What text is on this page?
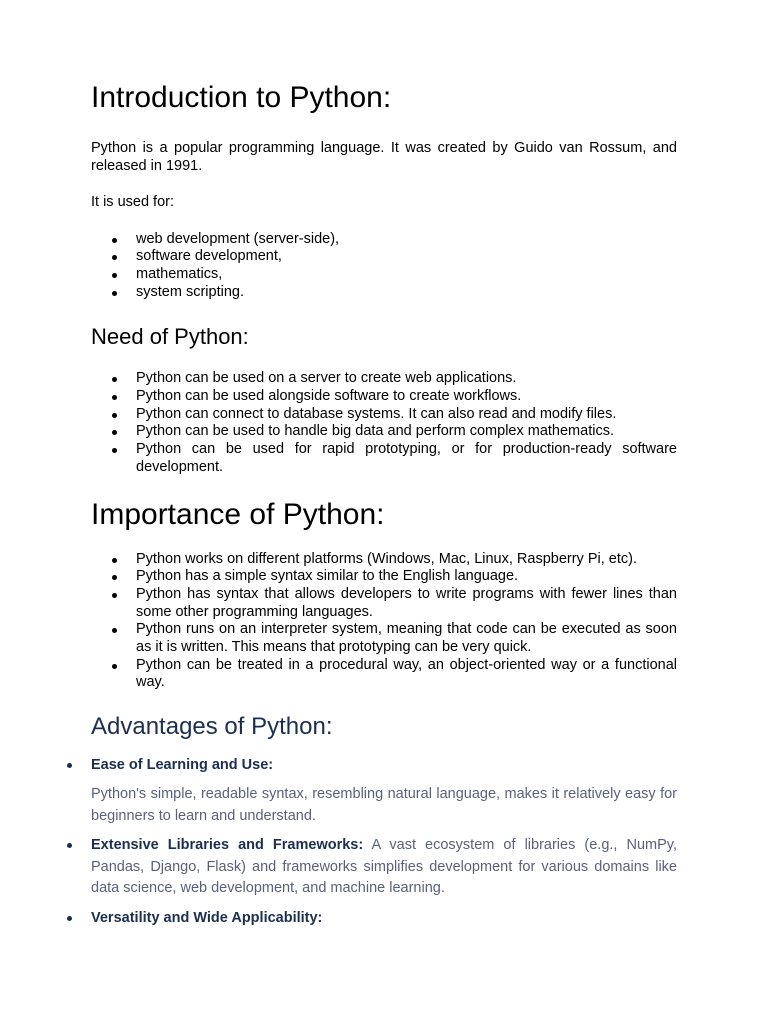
Introduction to Python:

Python is a popular programming language. It was created by Guido van Rossum, and released in 1991.

It is used for:

web development (server-side),
software development,
mathematics,
system scripting.
Need of Python:
Python can be used on a server to create web applications.
Python can be used alongside software to create workflows.
Python can connect to database systems. It can also read and modify files.
Python can be used to handle big data and perform complex mathematics.
Python can be used for rapid prototyping, or for production-ready software development.
Importance of Python:
Python works on different platforms (Windows, Mac, Linux, Raspberry Pi, etc).
Python has a simple syntax similar to the English language.
Python has syntax that allows developers to write programs with fewer lines than some other programming languages.
Python runs on an interpreter system, meaning that code can be executed as soon as it is written. This means that prototyping can be very quick.
Python can be treated in a procedural way, an object-oriented way or a functional way.
Advantages of Python:
Ease of Learning and Use:
Python's simple, readable syntax, resembling natural language, makes it relatively easy for beginners to learn and understand.
Extensive Libraries and Frameworks: A vast ecosystem of libraries (e.g., NumPy, Pandas, Django, Flask) and frameworks simplifies development for various domains like data science, web development, and machine learning.
Versatility and Wide Applicability:
